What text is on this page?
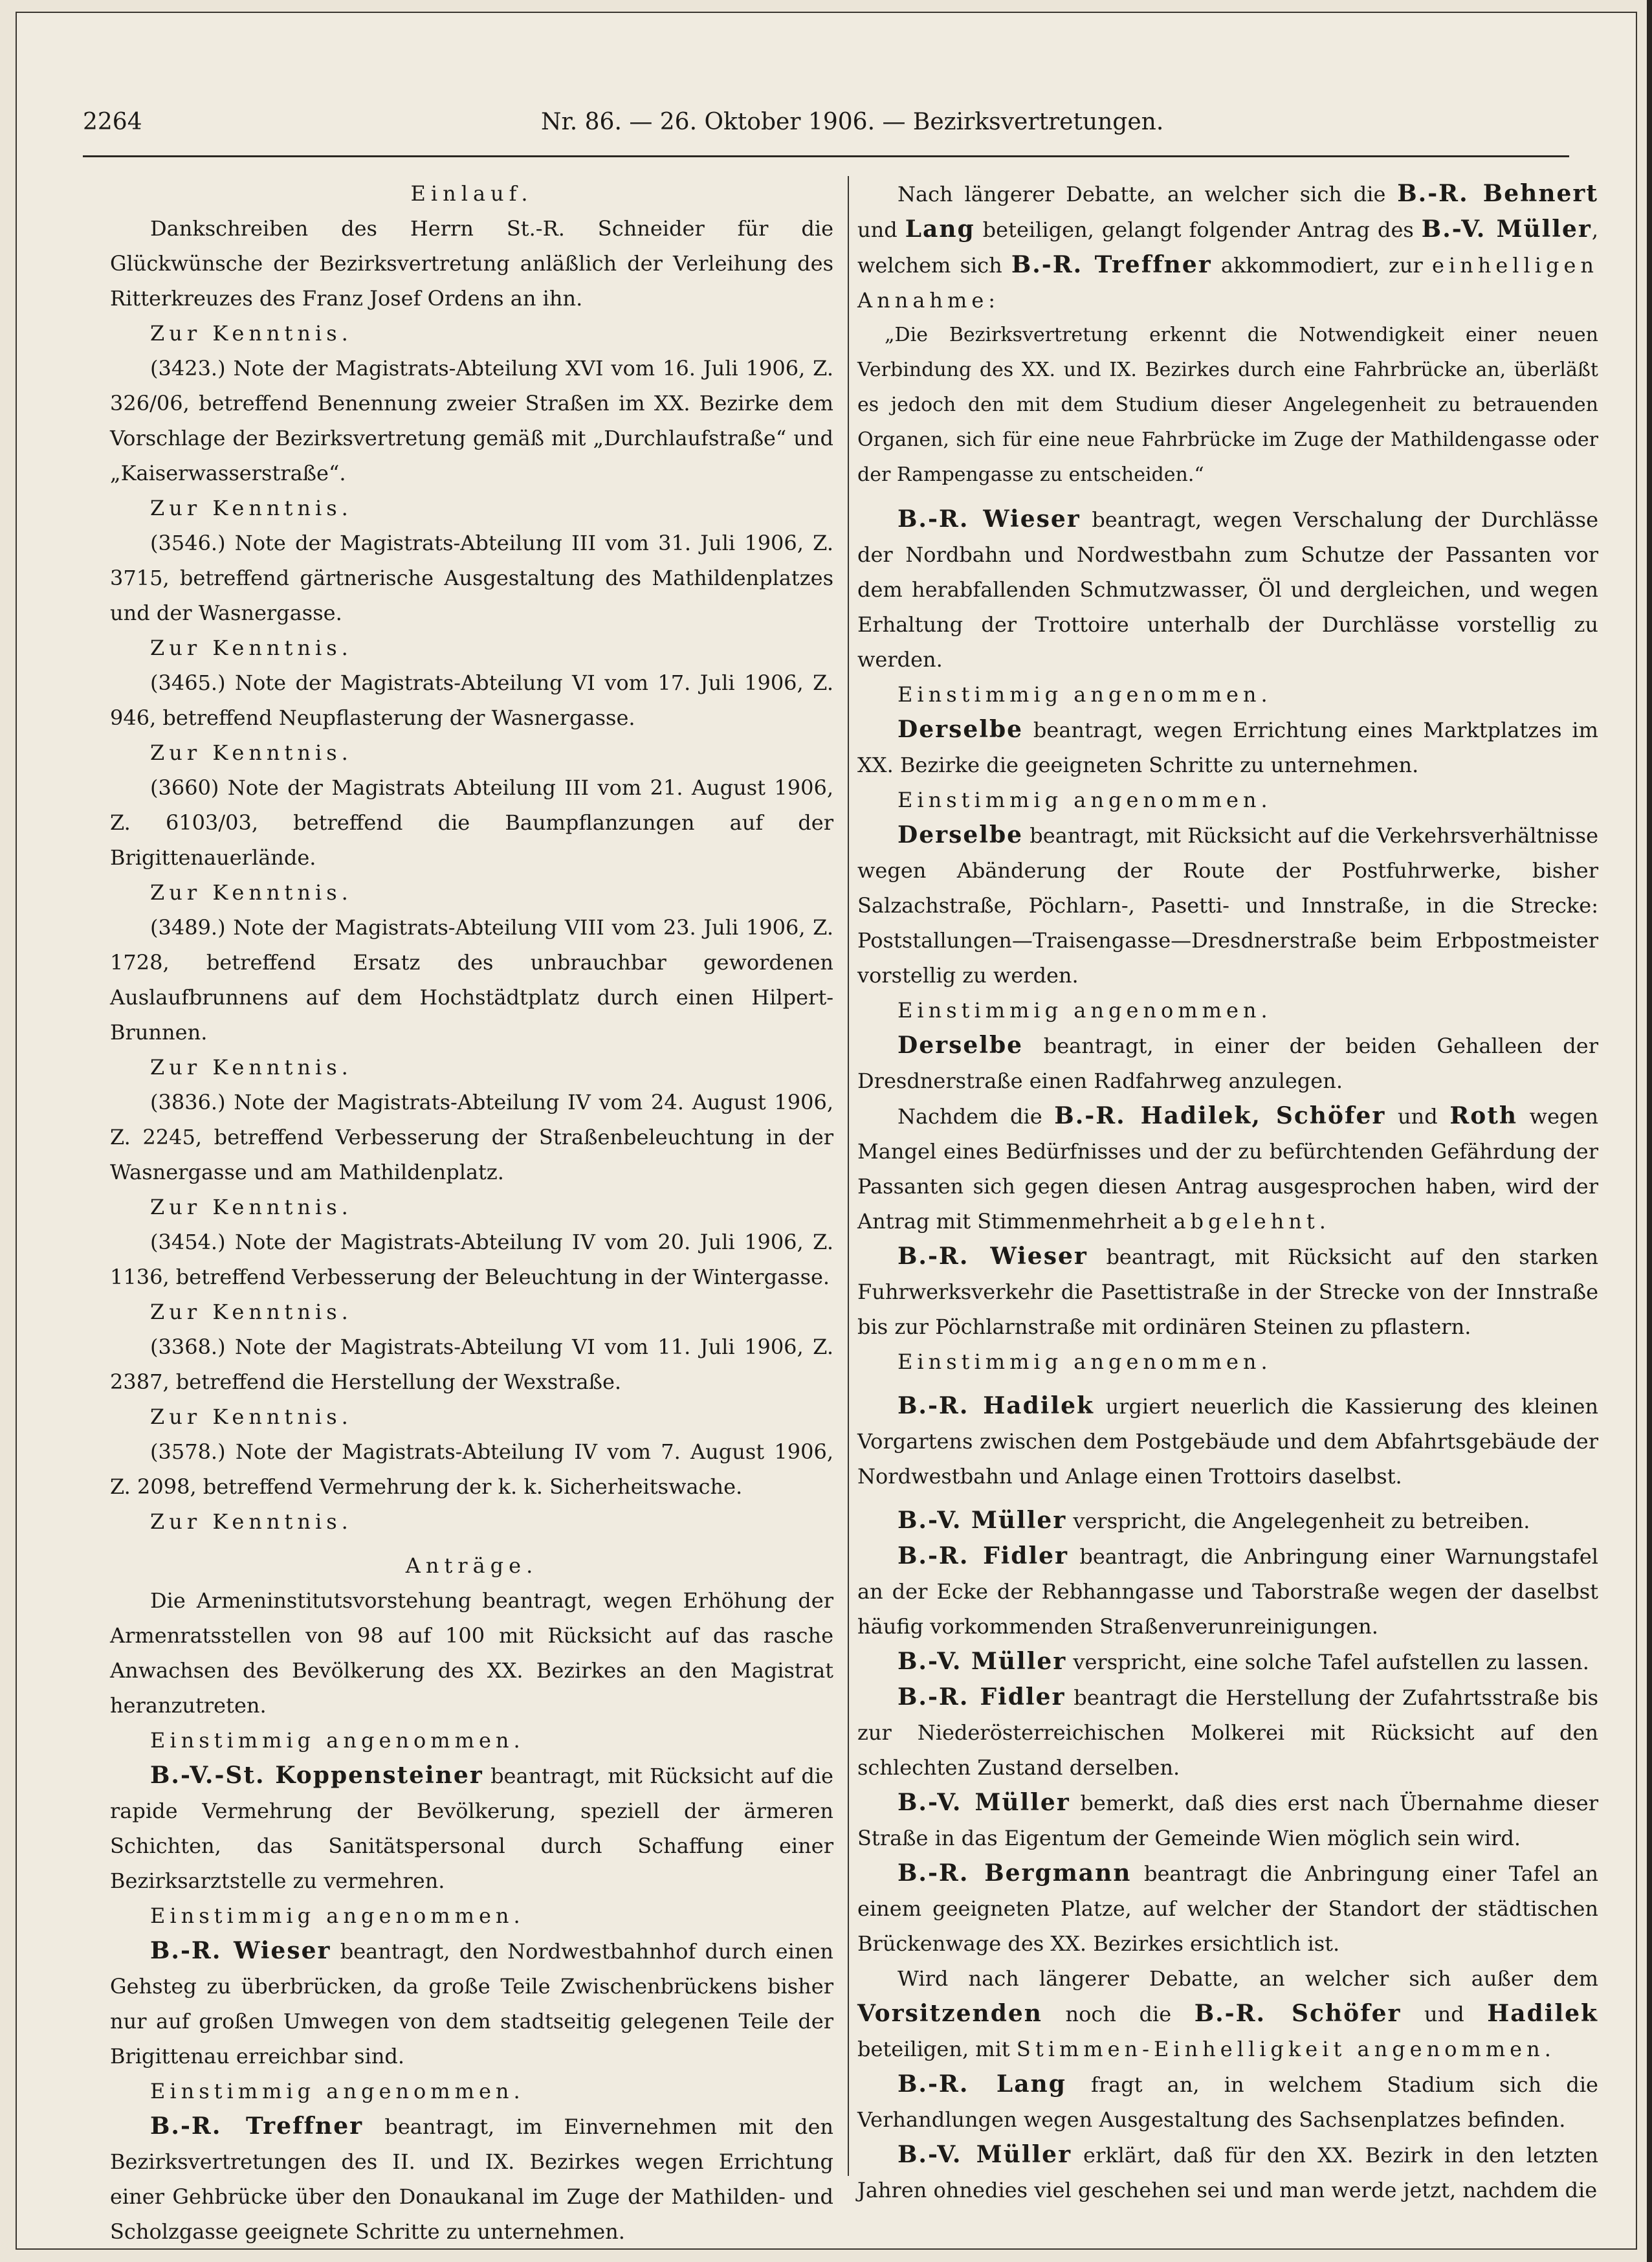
2264	Nr. 86. — 26. Oktober 1906. — Bezirksvertretungen.

Einlauf.

Dankschreiben des Herrn St.-R. Schneider für die Glückwünsche der Bezirksvertretung anläßlich der Verleihung des Ritterkreuzes des Franz Josef Ordens an ihn.

Zur Kenntnis.

(3423.) Note der Magistrats-Abteilung XVI vom 16. Juli 1906, Z. 326/06, betreffend Benennung zweier Straßen im XX. Bezirke dem Vorschlage der Bezirksvertretung gemäß mit „Durchlaufstraße“ und „Kaiserwasserstraße“.

Zur Kenntnis.

(3546.) Note der Magistrats-Abteilung III vom 31. Juli 1906, Z. 3715, betreffend gärtnerische Ausgestaltung des Mathildenplatzes und der Wasnergasse.

Zur Kenntnis.

(3465.) Note der Magistrats-Abteilung VI vom 17. Juli 1906, Z. 946, betreffend Neupflasterung der Wasnergasse.

Zur Kenntnis.

(3660) Note der Magistrats Abteilung III vom 21. August 1906, Z. 6103/03, betreffend die Baumpflanzungen auf der Brigittenauerlände.

Zur Kenntnis.

(3489.) Note der Magistrats-Abteilung VIII vom 23. Juli 1906, Z. 1728, betreffend Ersatz des unbrauchbar gewordenen Auslaufbrunnens auf dem Hochstädtplatz durch einen Hilpert-Brunnen.

Zur Kenntnis.

(3836.) Note der Magistrats-Abteilung IV vom 24. August 1906, Z. 2245, betreffend Verbesserung der Straßenbeleuchtung in der Wasnergasse und am Mathildenplatz.

Zur Kenntnis.

(3454.) Note der Magistrats-Abteilung IV vom 20. Juli 1906, Z. 1136, betreffend Verbesserung der Beleuchtung in der Wintergasse.

Zur Kenntnis.

(3368.) Note der Magistrats-Abteilung VI vom 11. Juli 1906, Z. 2387, betreffend die Herstellung der Wexstraße.

Zur Kenntnis.

(3578.) Note der Magistrats-Abteilung IV vom 7. August 1906, Z. 2098, betreffend Vermehrung der k. k. Sicherheitswache.

Zur Kenntnis.

Anträge.

Die Armeninstitutsvorstehung beantragt, wegen Erhöhung der Armenratsstellen von 98 auf 100 mit Rücksicht auf das rasche Anwachsen des Bevölkerung des XX. Bezirkes an den Magistrat heranzutreten.

Einstimmig angenommen.

B.-V.-St. Koppensteiner beantragt, mit Rücksicht auf die rapide Vermehrung der Bevölkerung, speziell der ärmeren Schichten, das Sanitätspersonal durch Schaffung einer Bezirksarztstelle zu vermehren.

Einstimmig angenommen.

B.-R. Wieser beantragt, den Nordwestbahnhof durch einen Gehsteg zu überbrücken, da große Teile Zwischenbrückens bisher nur auf großen Umwegen von dem stadtseitig gelegenen Teile der Brigittenau erreichbar sind.

Einstimmig angenommen.

B.-R. Treffner beantragt, im Einvernehmen mit den Bezirksvertretungen des II. und IX. Bezirkes wegen Errichtung einer Gehbrücke über den Donaukanal im Zuge der Mathilden- und Scholzgasse geeignete Schritte zu unternehmen.

Nach längerer Debatte, an welcher sich die B.-R. Behnert und Lang beteiligen, gelangt folgender Antrag des B.-V. Müller, welchem sich B.-R. Treffner akkommodiert, zur einhelligen Annahme:

„Die Bezirksvertretung erkennt die Notwendigkeit einer neuen Verbindung des XX. und IX. Bezirkes durch eine Fahrbrücke an, überläßt es jedoch den mit dem Studium dieser Angelegenheit zu betrauenden Organen, sich für eine neue Fahrbrücke im Zuge der Mathildengasse oder der Rampengasse zu entscheiden.“

B.-R. Wieser beantragt, wegen Verschalung der Durchlässe der Nordbahn und Nordwestbahn zum Schutze der Passanten vor dem herabfallenden Schmutzwasser, Öl und dergleichen, und wegen Erhaltung der Trottoire unterhalb der Durchlässe vorstellig zu werden.

Einstimmig angenommen.

Derselbe beantragt, wegen Errichtung eines Marktplatzes im XX. Bezirke die geeigneten Schritte zu unternehmen.

Einstimmig angenommen.

Derselbe beantragt, mit Rücksicht auf die Verkehrsverhältnisse wegen Abänderung der Route der Postfuhrwerke, bisher Salzachstraße, Pöchlarn-, Pasetti- und Innstraße, in die Strecke: Poststallungen—Traisengasse—Dresdnerstraße beim Erbpostmeister vorstellig zu werden.

Einstimmig angenommen.

Derselbe beantragt, in einer der beiden Gehalleen der Dresdnerstraße einen Radfahrweg anzulegen.

Nachdem die B.-R. Hadilek, Schöfer und Roth wegen Mangel eines Bedürfnisses und der zu befürchtenden Gefährdung der Passanten sich gegen diesen Antrag ausgesprochen haben, wird der Antrag mit Stimmenmehrheit abgelehnt.

B.-R. Wieser beantragt, mit Rücksicht auf den starken Fuhrwerksverkehr die Pasettistraße in der Strecke von der Innstraße bis zur Pöchlarnstraße mit ordinären Steinen zu pflastern.

Einstimmig angenommen.

B.-R. Hadilek urgiert neuerlich die Kassierung des kleinen Vorgartens zwischen dem Postgebäude und dem Abfahrtsgebäude der Nordwestbahn und Anlage einen Trottoirs daselbst.

B.-V. Müller verspricht, die Angelegenheit zu betreiben.

B.-R. Fidler beantragt, die Anbringung einer Warnungstafel an der Ecke der Rebhanngasse und Taborstraße wegen der daselbst häufig vorkommenden Straßenverunreinigungen.

B.-V. Müller verspricht, eine solche Tafel aufstellen zu lassen.

B.-R. Fidler beantragt die Herstellung der Zufahrtsstraße bis zur Niederösterreichischen Molkerei mit Rücksicht auf den schlechten Zustand derselben.

B.-V. Müller bemerkt, daß dies erst nach Übernahme dieser Straße in das Eigentum der Gemeinde Wien möglich sein wird.

B.-R. Bergmann beantragt die Anbringung einer Tafel an einem geeigneten Platze, auf welcher der Standort der städtischen Brückenwage des XX. Bezirkes ersichtlich ist.

Wird nach längerer Debatte, an welcher sich außer dem Vorsitzenden noch die B.-R. Schöfer und Hadilek beteiligen, mit Stimmen-Einhelligkeit angenommen.

B.-R. Lang fragt an, in welchem Stadium sich die Verhandlungen wegen Ausgestaltung des Sachsenplatzes befinden.

B.-V. Müller erklärt, daß für den XX. Bezirk in den letzten Jahren ohnedies viel geschehen sei und man werde jetzt, nachdem die
